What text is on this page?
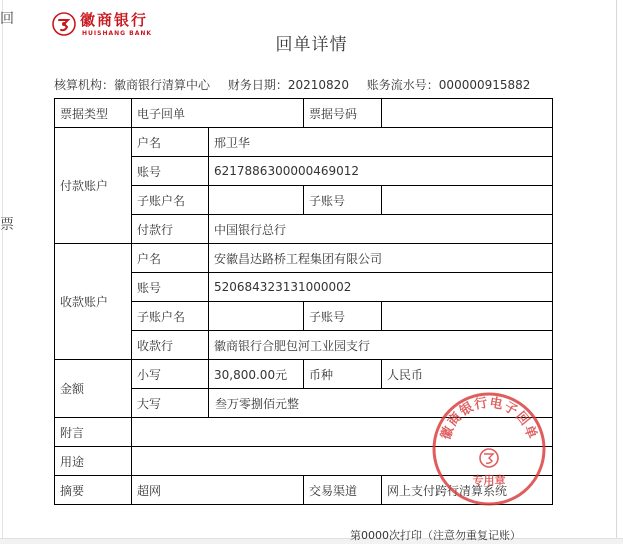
回
票
徽商银行
HUISHANG BANK
回单详情
核算机构：徽商银行清算中心 财务日期：20210820 账务流水号：000000915882
票据类型	电子回单		票据号码	
付款账户	户名	邢卫华		
	账号	6217886300000469012		
	子账户名		子账号	
	付款行	中国银行总行		
收款账户	户名	安徽昌达路桥工程集团有限公司		
	账号	520684323131000002		
	子账户名		子账号	
	收款行	徽商银行合肥包河工业园支行		
金额	小写	30,800.00元	币种	人民币
	大写	叁万零捌佰元整		
附言				
用途				
摘要	超网		交易渠道	网上支付跨行清算系统
徽商银行电子回单
专用章
第0000次打印（注意勿重复记账）
